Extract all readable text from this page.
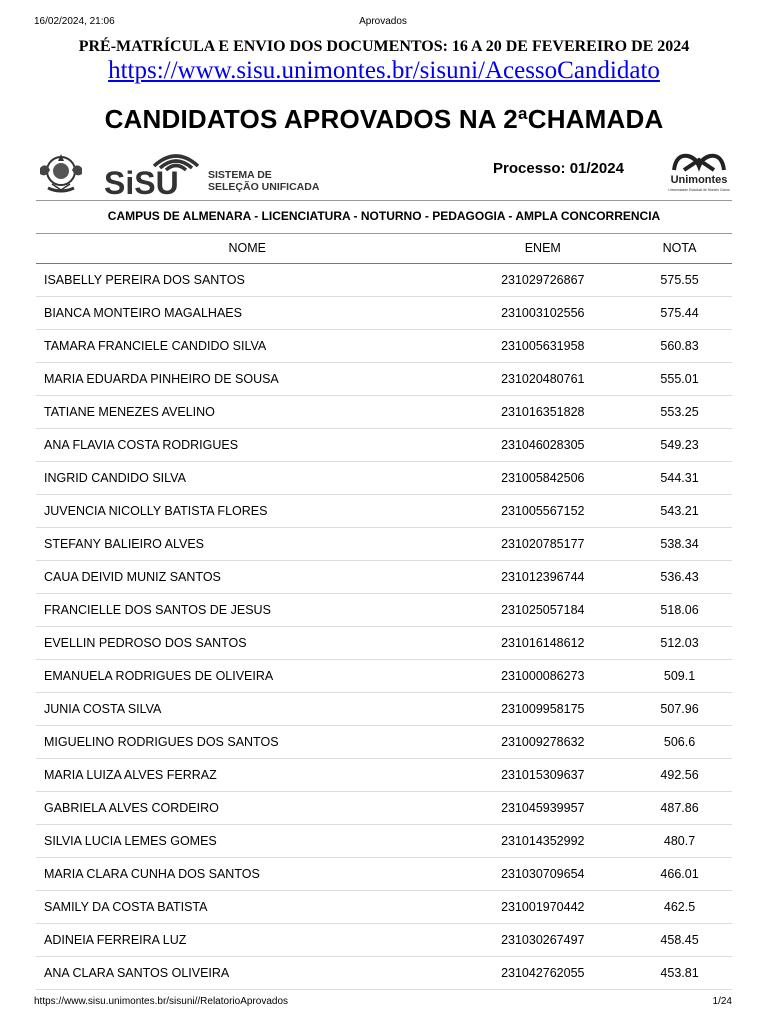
16/02/2024, 21:06	Aprovados
PRÉ-MATRÍCULA E ENVIO DOS DOCUMENTOS: 16 A 20 DE FEVEREIRO DE 2024
https://www.sisu.unimontes.br/sisuni/AcessoCandidato
CANDIDATOS APROVADOS NA 2ªCHAMADA
SiSU	SISTEMA DE
SELEÇÃO UNIFICADA
Processo: 01/2024
Unimontes
Universidade Estadual de Montes Claros
CAMPUS DE ALMENARA - LICENCIATURA - NOTURNO - PEDAGOGIA - AMPLA CONCORRENCIA
NOME	ENEM	NOTA
ISABELLY PEREIRA DOS SANTOS	231029726867	575.55
BIANCA MONTEIRO MAGALHAES	231003102556	575.44
TAMARA FRANCIELE CANDIDO SILVA	231005631958	560.83
MARIA EDUARDA PINHEIRO DE SOUSA	231020480761	555.01
TATIANE MENEZES AVELINO	231016351828	553.25
ANA FLAVIA COSTA RODRIGUES	231046028305	549.23
INGRID CANDIDO SILVA	231005842506	544.31
JUVENCIA NICOLLY BATISTA FLORES	231005567152	543.21
STEFANY BALIEIRO ALVES	231020785177	538.34
CAUA DEIVID MUNIZ SANTOS	231012396744	536.43
FRANCIELLE DOS SANTOS DE JESUS	231025057184	518.06
EVELLIN PEDROSO DOS SANTOS	231016148612	512.03
EMANUELA RODRIGUES DE OLIVEIRA	231000086273	509.1
JUNIA COSTA SILVA	231009958175	507.96
MIGUELINO RODRIGUES DOS SANTOS	231009278632	506.6
MARIA LUIZA ALVES FERRAZ	231015309637	492.56
GABRIELA ALVES CORDEIRO	231045939957	487.86
SILVIA LUCIA LEMES GOMES	231014352992	480.7
MARIA CLARA CUNHA DOS SANTOS	231030709654	466.01
SAMILY DA COSTA BATISTA	231001970442	462.5
ADINEIA FERREIRA LUZ	231030267497	458.45
ANA CLARA SANTOS OLIVEIRA	231042762055	453.81
https://www.sisu.unimontes.br/sisuni//RelatorioAprovados	1/24
